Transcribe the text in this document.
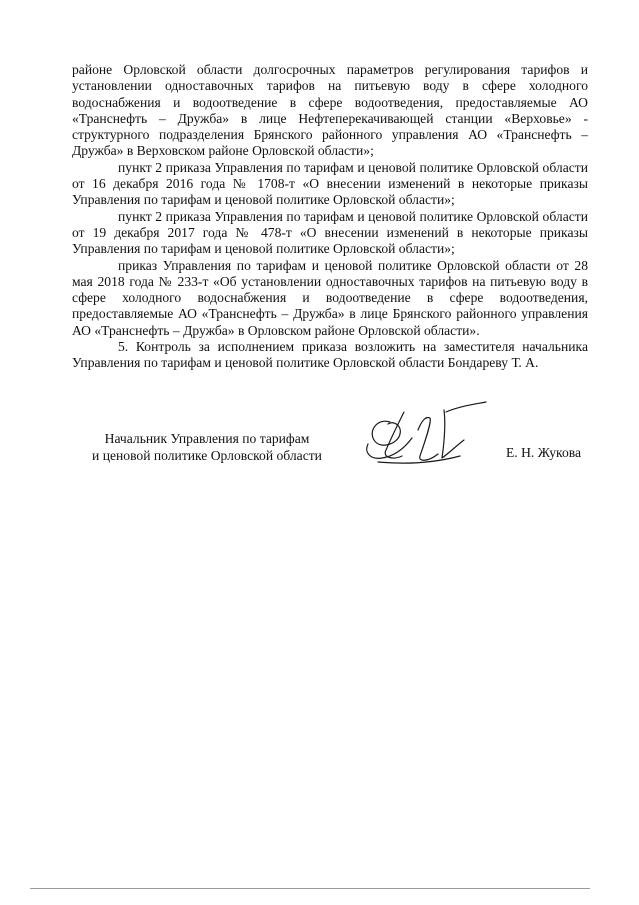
районе Орловской области долгосрочных параметров регулирования тарифов и установлении одноставочных тарифов на питьевую воду в сфере холодного водоснабжения и водоотведение в сфере водоотведения, предоставляемые АО «Транснефть – Дружба» в лице Нефтеперекачивающей станции «Верховье» - структурного подразделения Брянского районного управления АО «Транснефть – Дружба» в Верховском районе Орловской области»;

пункт 2 приказа Управления по тарифам и ценовой политике Орловской области от 16 декабря 2016 года № 1708-т «О внесении изменений в некоторые приказы Управления по тарифам и ценовой политике Орловской области»;

пункт 2 приказа Управления по тарифам и ценовой политике Орловской области от 19 декабря 2017 года № 478-т «О внесении изменений в некоторые приказы Управления по тарифам и ценовой политике Орловской области»;

приказ Управления по тарифам и ценовой политике Орловской области от 28 мая 2018 года № 233-т «Об установлении одноставочных тарифов на питьевую воду в сфере холодного водоснабжения и водоотведение в сфере водоотведения, предоставляемые АО «Транснефть – Дружба» в лице Брянского районного управления АО «Транснефть – Дружба» в Орловском районе Орловской области».

5. Контроль за исполнением приказа возложить на заместителя начальника Управления по тарифам и ценовой политике Орловской области Бондареву Т. А.

Начальник Управления по тарифам
и ценовой политике Орловской области	Е. Н. Жукова
